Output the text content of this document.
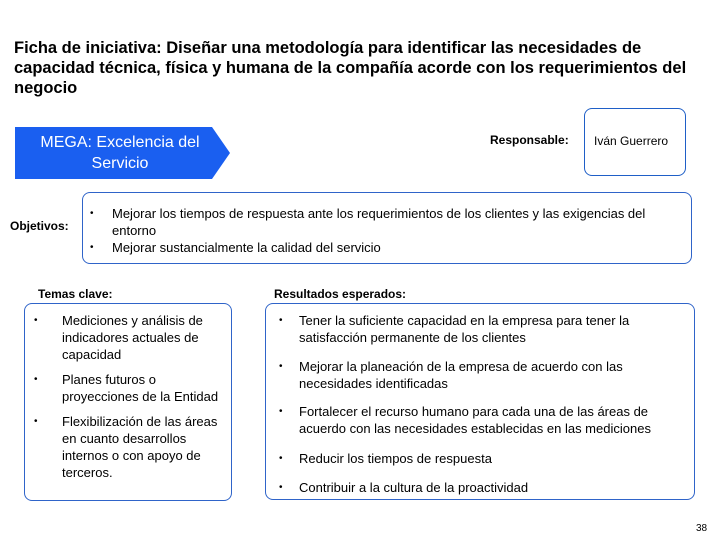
Ficha de iniciativa: Diseñar una metodología para identificar las necesidades de capacidad técnica, física y humana de la compañía acorde con los requerimientos del negocio
MEGA: Excelencia del Servicio
Responsable: Iván Guerrero
Objetivos:
• Mejorar los tiempos de respuesta ante los requerimientos de los clientes y las exigencias del entorno
• Mejorar sustancialmente la calidad del servicio
Temas clave:
• Mediciones y análisis de indicadores actuales de capacidad
• Planes futuros o proyecciones de la Entidad
• Flexibilización de las áreas en cuanto desarrollos internos o con apoyo de terceros.
Resultados esperados:
• Tener la suficiente capacidad en la empresa para tener la satisfacción permanente de los clientes
• Mejorar la planeación de la empresa de acuerdo con las necesidades identificadas
• Fortalecer el recurso humano para cada una de las áreas de acuerdo con las necesidades establecidas en las mediciones
• Reducir los tiempos de respuesta
• Contribuir a la cultura de la proactividad
38
